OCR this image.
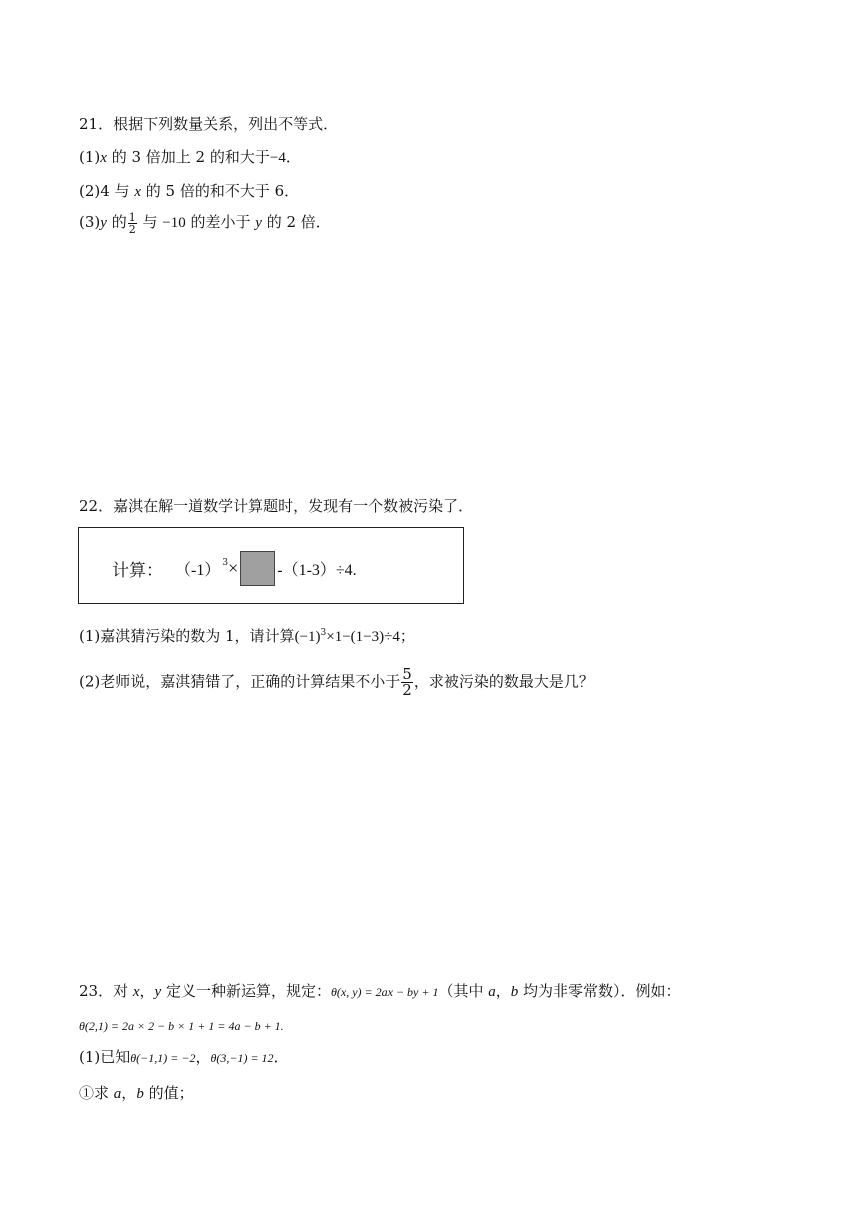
21．根据下列数量关系，列出不等式．
(1)x 的 3 倍加上 2 的和大于−4．
(2)4 与 x 的 5 倍的和不大于 6．
(3)y 的 $\frac{1}{2}$ 与 −10 的差小于 y 的 2 倍．
22．嘉淇在解一道数学计算题时，发现有一个数被污染了．
计算： $(-1)^3 \times -(1-3)\div 4$.
(1)嘉淇猜污染的数为 1，请计算$(-1)^3\times 1-(1-3)\div 4$；
(2)老师说，嘉淇猜错了，正确的计算结果不小于 $\frac{5}{2}$ ，求被污染的数最大是几？
23．对 x，y 定义一种新运算，规定：θ(x, y) = 2ax − by + 1（其中 a，b 均为非零常数）．例如：
θ(2,1) = 2a × 2 − b × 1 + 1 = 4a − b + 1.
(1)已知θ(−1,1) = −2，θ(3,−1) = 12．
①求 a，b 的值；
